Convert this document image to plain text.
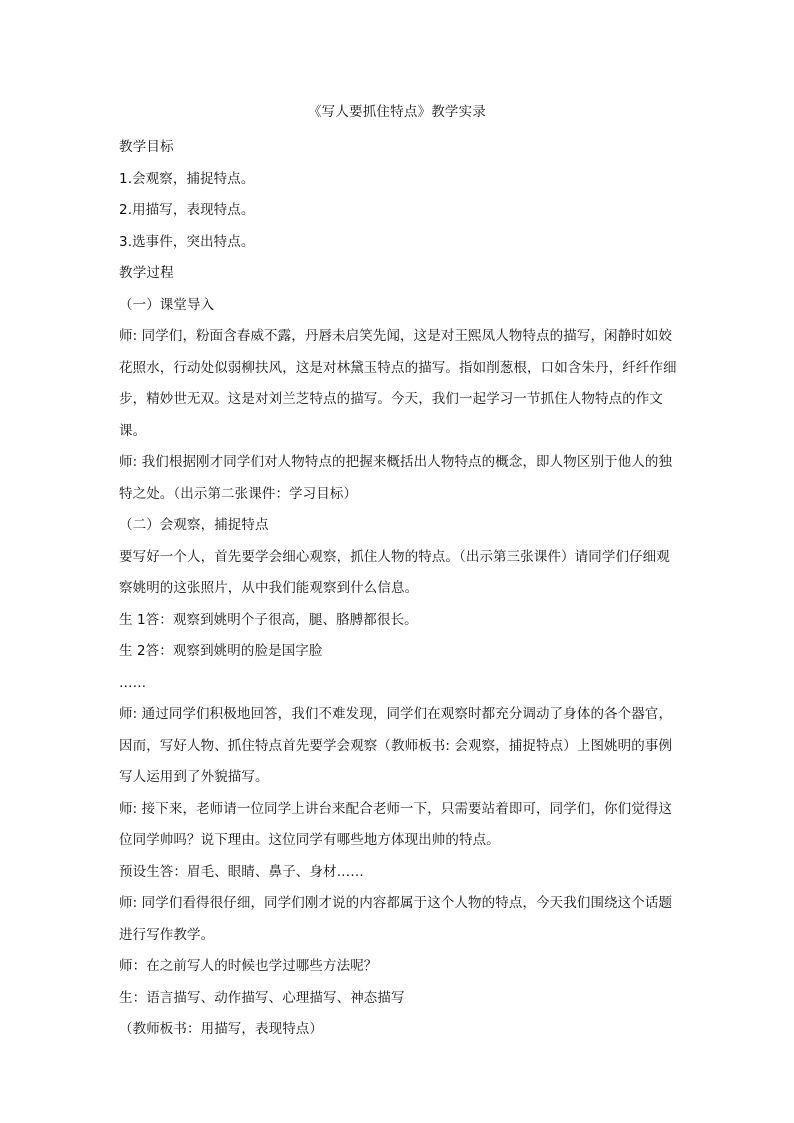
《写人要抓住特点》教学实录

教学目标

1.会观察，捕捉特点。

2.用描写，表现特点。

3.选事件，突出特点。

教学过程

（一）课堂导入

师: 同学们，粉面含春威不露，丹唇未启笑先闻，这是对王熙凤人物特点的描写，闲静时如姣花照水，行动处似弱柳扶风，这是对林黛玉特点的描写。指如削葱根，口如含朱丹，纤纤作细步，精妙世无双。这是对刘兰芝特点的描写。今天，我们一起学习一节抓住人物特点的作文课。

师: 我们根据刚才同学们对人物特点的把握来概括出人物特点的概念，即人物区别于他人的独特之处。（出示第二张课件：学习目标）

（二）会观察，捕捉特点

要写好一个人，首先要学会细心观察，抓住人物的特点。（出示第三张课件）请同学们仔细观察姚明的这张照片，从中我们能观察到什么信息。

生 1答：观察到姚明个子很高，腿、胳膊都很长。

生 2答：观察到姚明的脸是国字脸

……

师: 通过同学们积极地回答，我们不难发现，同学们在观察时都充分调动了身体的各个器官，因而，写好人物、抓住特点首先要学会观察（教师板书: 会观察，捕捉特点）上图姚明的事例写人运用到了外貌描写。

师: 接下来，老师请一位同学上讲台来配合老师一下，只需要站着即可，同学们，你们觉得这位同学帅吗？说下理由。这位同学有哪些地方体现出帅的特点。

预设生答：眉毛、眼睛、鼻子、身材……

师: 同学们看得很仔细，同学们刚才说的内容都属于这个人物的特点，今天我们围绕这个话题进行写作教学。

师：在之前写人的时候也学过哪些方法呢？

生：语言描写、动作描写、心理描写、神态描写

（教师板书：用描写，表现特点）
